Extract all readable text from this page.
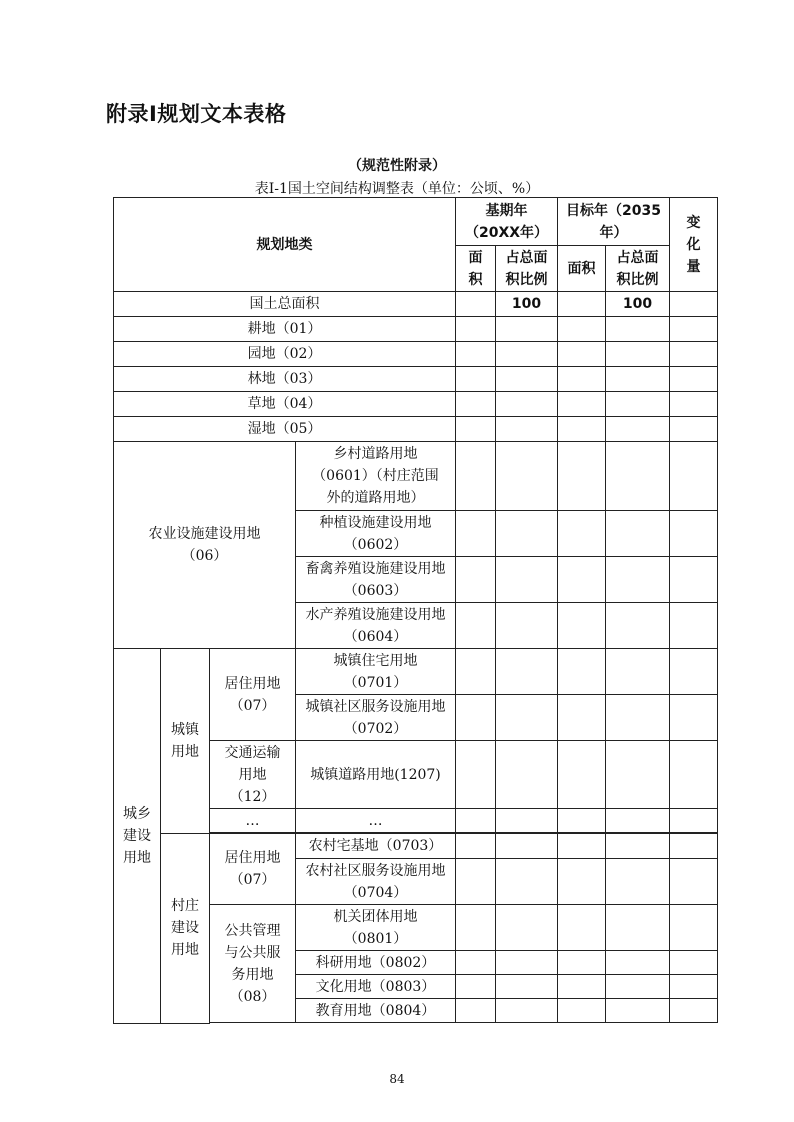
附录Ⅰ规划文本表格
（规范性附录）
表Ⅰ-1国土空间结构调整表（单位：公顷、%）
规划地类				基期年（20XX年）		目标年（2035年）		变化量
				面积	占总面积比例	面积	占总面积比例	
国土总面积					100		100	
耕地（01）								
园地（02）								
林地（03）								
草地（04）								
湿地（05）								
农业设施建设用地（06）			乡村道路用地（0601）（村庄范围外的道路用地）					
			种植设施建设用地（0602）					
			畜禽养殖设施建设用地（0603）					
			水产养殖设施建设用地（0604）					
城乡建设用地	城镇用地	居住用地（07）	城镇住宅用地（0701）					
			城镇社区服务设施用地（0702）					
		交通运输用地（12）	城镇道路用地(1207)					
		…	…					

	村庄建设用地	居住用地（07）	农村宅基地（0703）					
			农村社区服务设施用地（0704）					
		公共管理与公共服务用地（08）	机关团体用地（0801）					
			科研用地（0802）					
			文化用地（0803）					
			教育用地（0804）					

84
